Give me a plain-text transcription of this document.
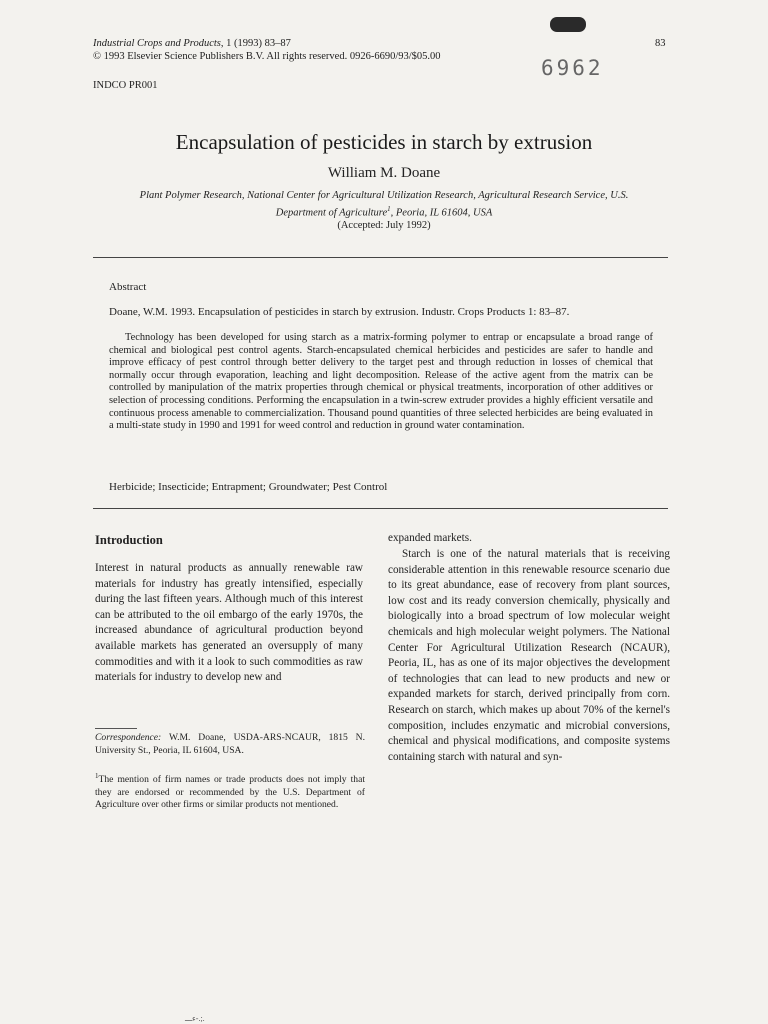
Industrial Crops and Products, 1 (1993) 83–87
© 1993 Elsevier Science Publishers B.V. All rights reserved. 0926-6690/93/$05.00
83
6962
INDCO PR001
Encapsulation of pesticides in starch by extrusion
William M. Doane
Plant Polymer Research, National Center for Agricultural Utilization Research, Agricultural Research Service, U.S.
Department of Agriculture$^1$, Peoria, IL 61604, USA
(Accepted: July 1992)
Abstract
Doane, W.M. 1993. Encapsulation of pesticides in starch by extrusion. Industr. Crops Products 1: 83–87.
Technology has been developed for using starch as a matrix-forming polymer to entrap or encapsulate a broad range of chemical and biological pest control agents. Starch-encapsulated chemical herbicides and pesticides are safer to handle and improve efficacy of pest control through better delivery to the target pest and through reduction in losses of chemical that normally occur through evaporation, leaching and light decomposition. Release of the active agent from the matrix can be controlled by manipulation of the matrix properties through chemical or physical treatments, incorporation of other additives or selection of processing conditions. Performing the encapsulation in a twin-screw extruder provides a highly efficient versatile and continuous process amenable to commercialization. Thousand pound quantities of three selected herbicides are being evaluated in a multi-state study in 1990 and 1991 for weed control and reduction in ground water contamination.
Herbicide; Insecticide; Entrapment; Groundwater; Pest Control
Introduction
Interest in natural products as annually renewable raw materials for industry has greatly intensified, especially during the last fifteen years. Although much of this interest can be attributed to the oil embargo of the early 1970s, the increased abundance of agricultural production beyond available markets has generated an oversupply of many commodities and with it a look to such commodities as raw materials for industry to develop new and
Correspondence: W.M. Doane, USDA-ARS-NCAUR, 1815 N. University St., Peoria, IL 61604, USA.
$^1$The mention of firm names or trade products does not imply that they are endorsed or recommended by the U.S. Department of Agriculture over other firms or similar products not mentioned.
expanded markets.
Starch is one of the natural materials that is receiving considerable attention in this renewable resource scenario due to its great abundance, ease of recovery from plant sources, low cost and its ready conversion chemically, physically and biologically into a broad spectrum of low molecular weight chemicals and high molecular weight polymers. The National Center For Agricultural Utilization Research (NCAUR), Peoria, IL, has as one of its major objectives the development of technologies that can lead to new products and new or expanded markets for starch, derived principally from corn. Research on starch, which makes up about 70% of the kernel's composition, includes enzymatic and microbial conversions, chemical and physical modifications, and composite systems containing starch with natural and syn-
ءـــ-.;.
